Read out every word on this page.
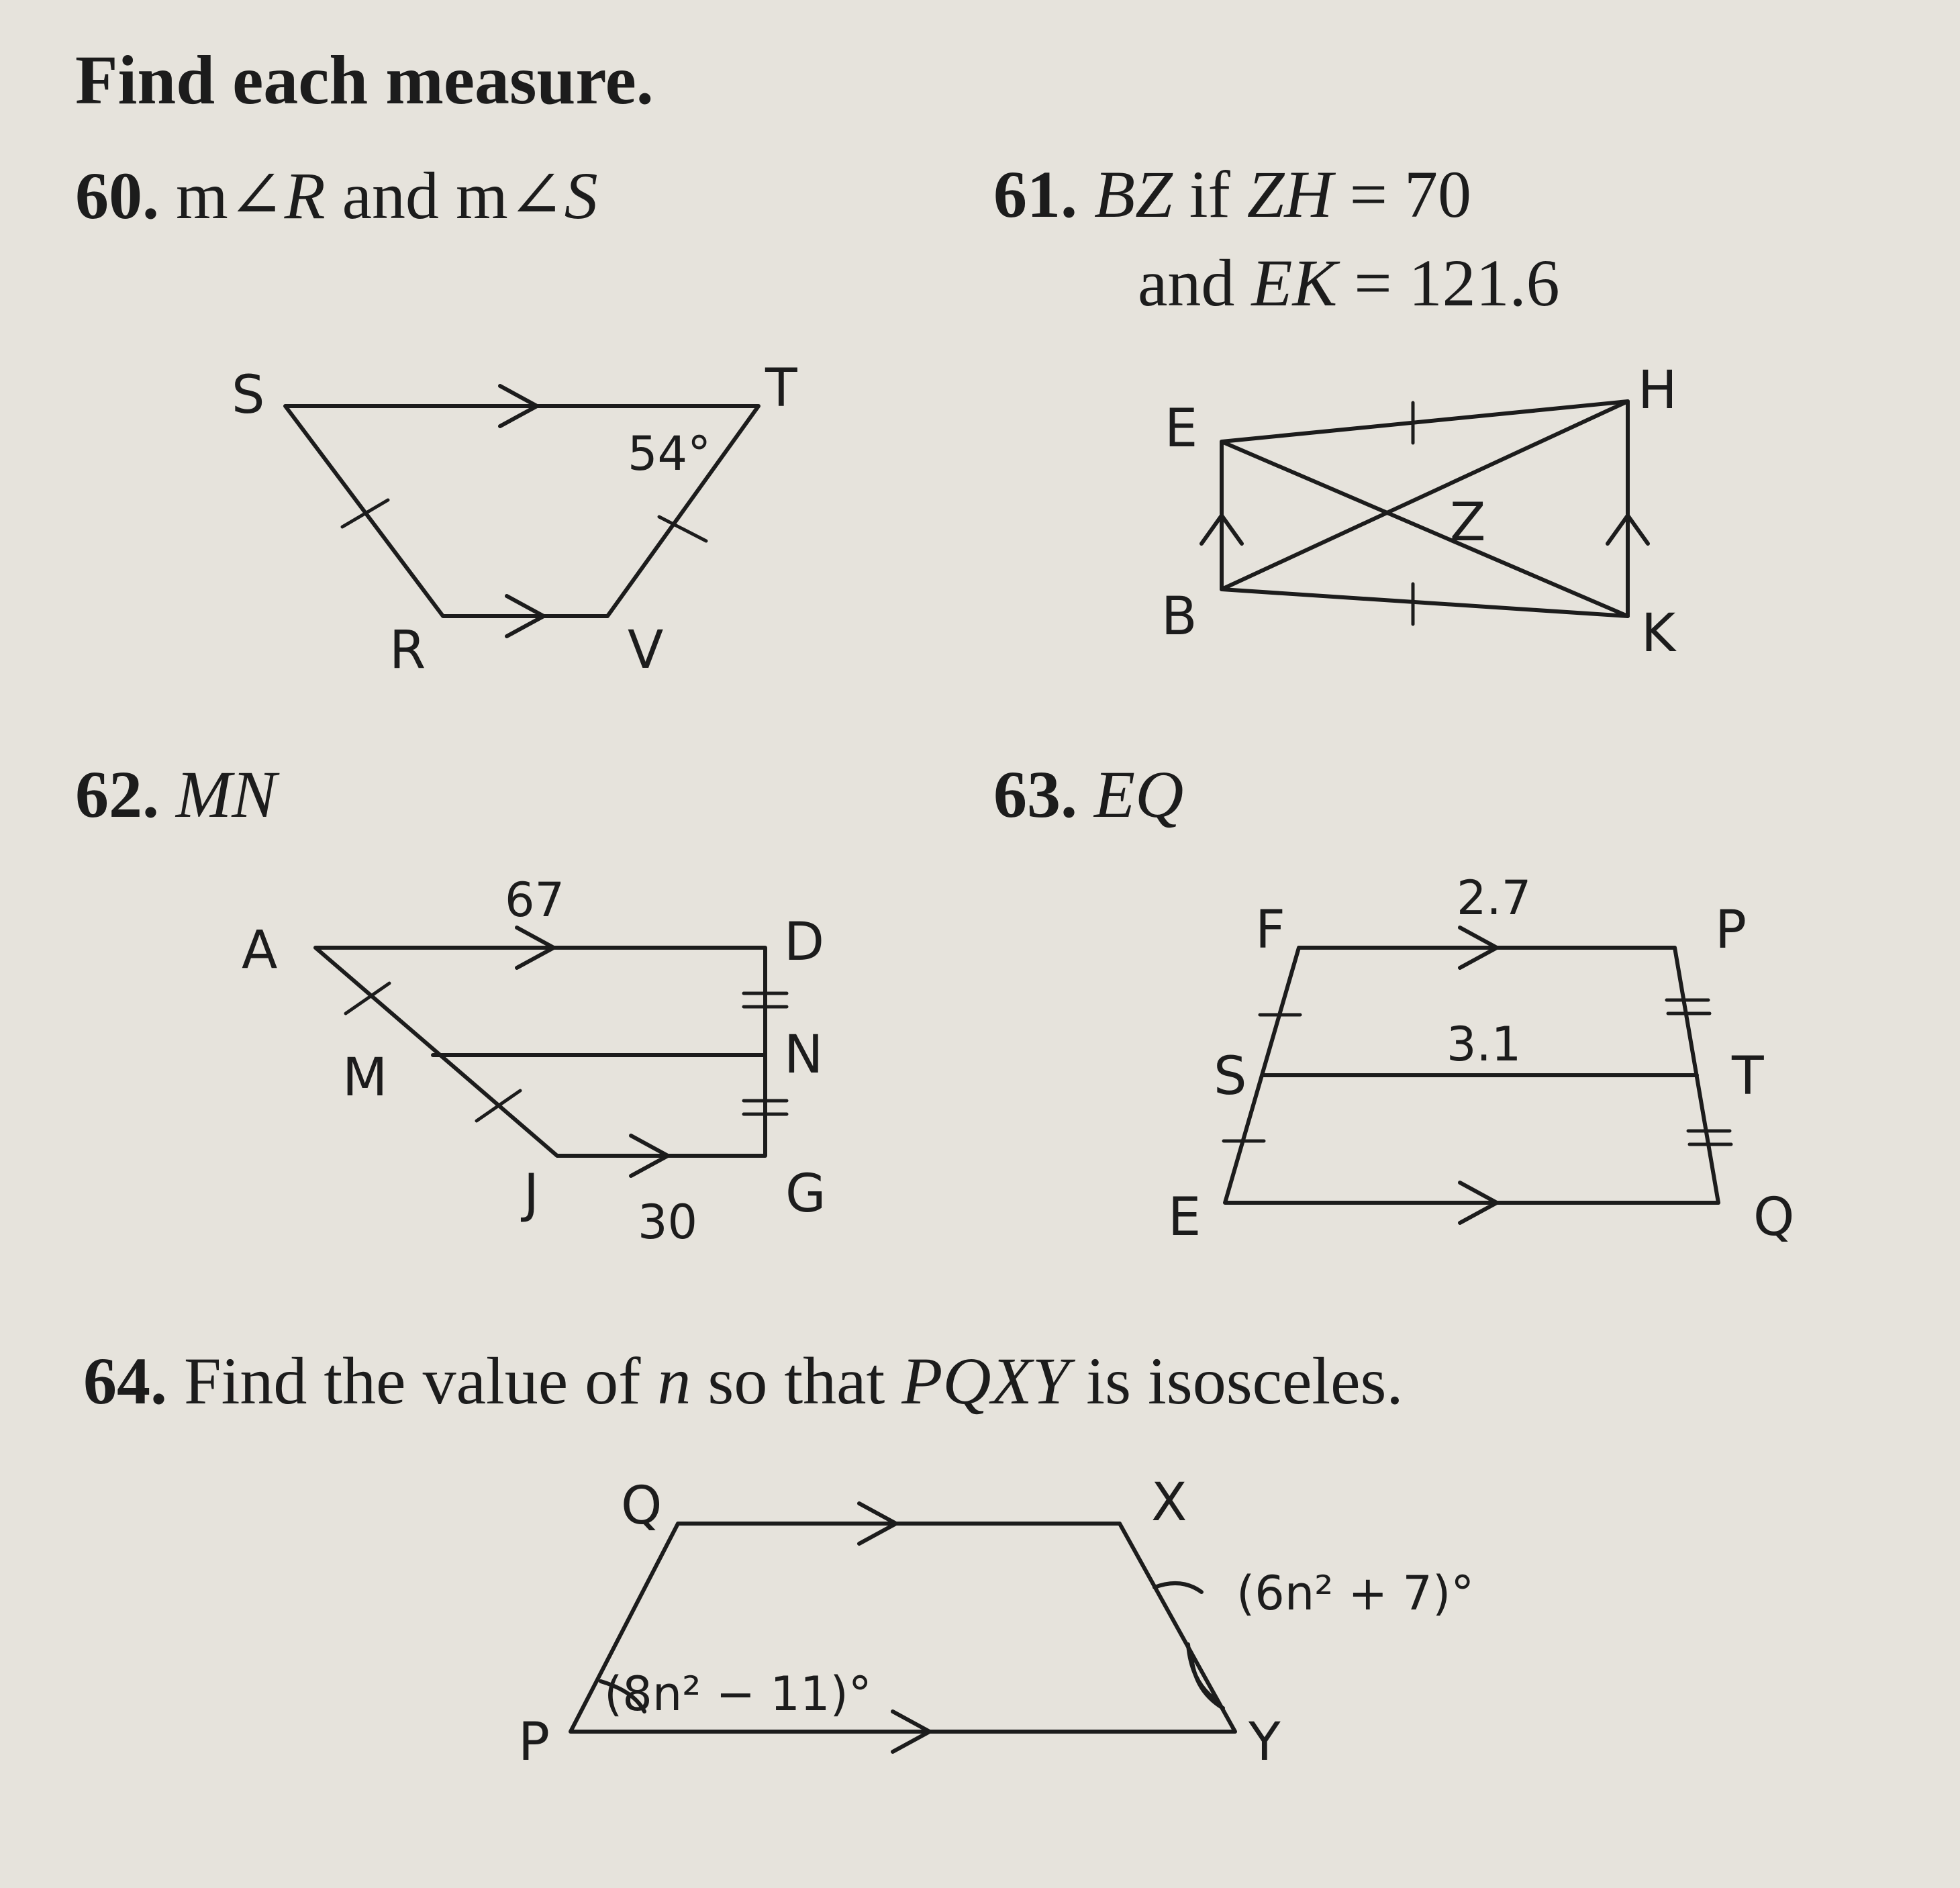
Find each measure.
60. m∠R and m∠S	61. BZ if ZH = 70
and EK = 121.6
62. MN	63. EQ
64. Find the value of n so that PQXY is isosceles.
S	T
R	V
54°	E
H
Z
B	K
A	D
M	N
J	G
67
30
F	P
S	T
E	Q
2.7
3.1
Q	X
P	Y
(6n² + 7)°
(8n² − 11)°
